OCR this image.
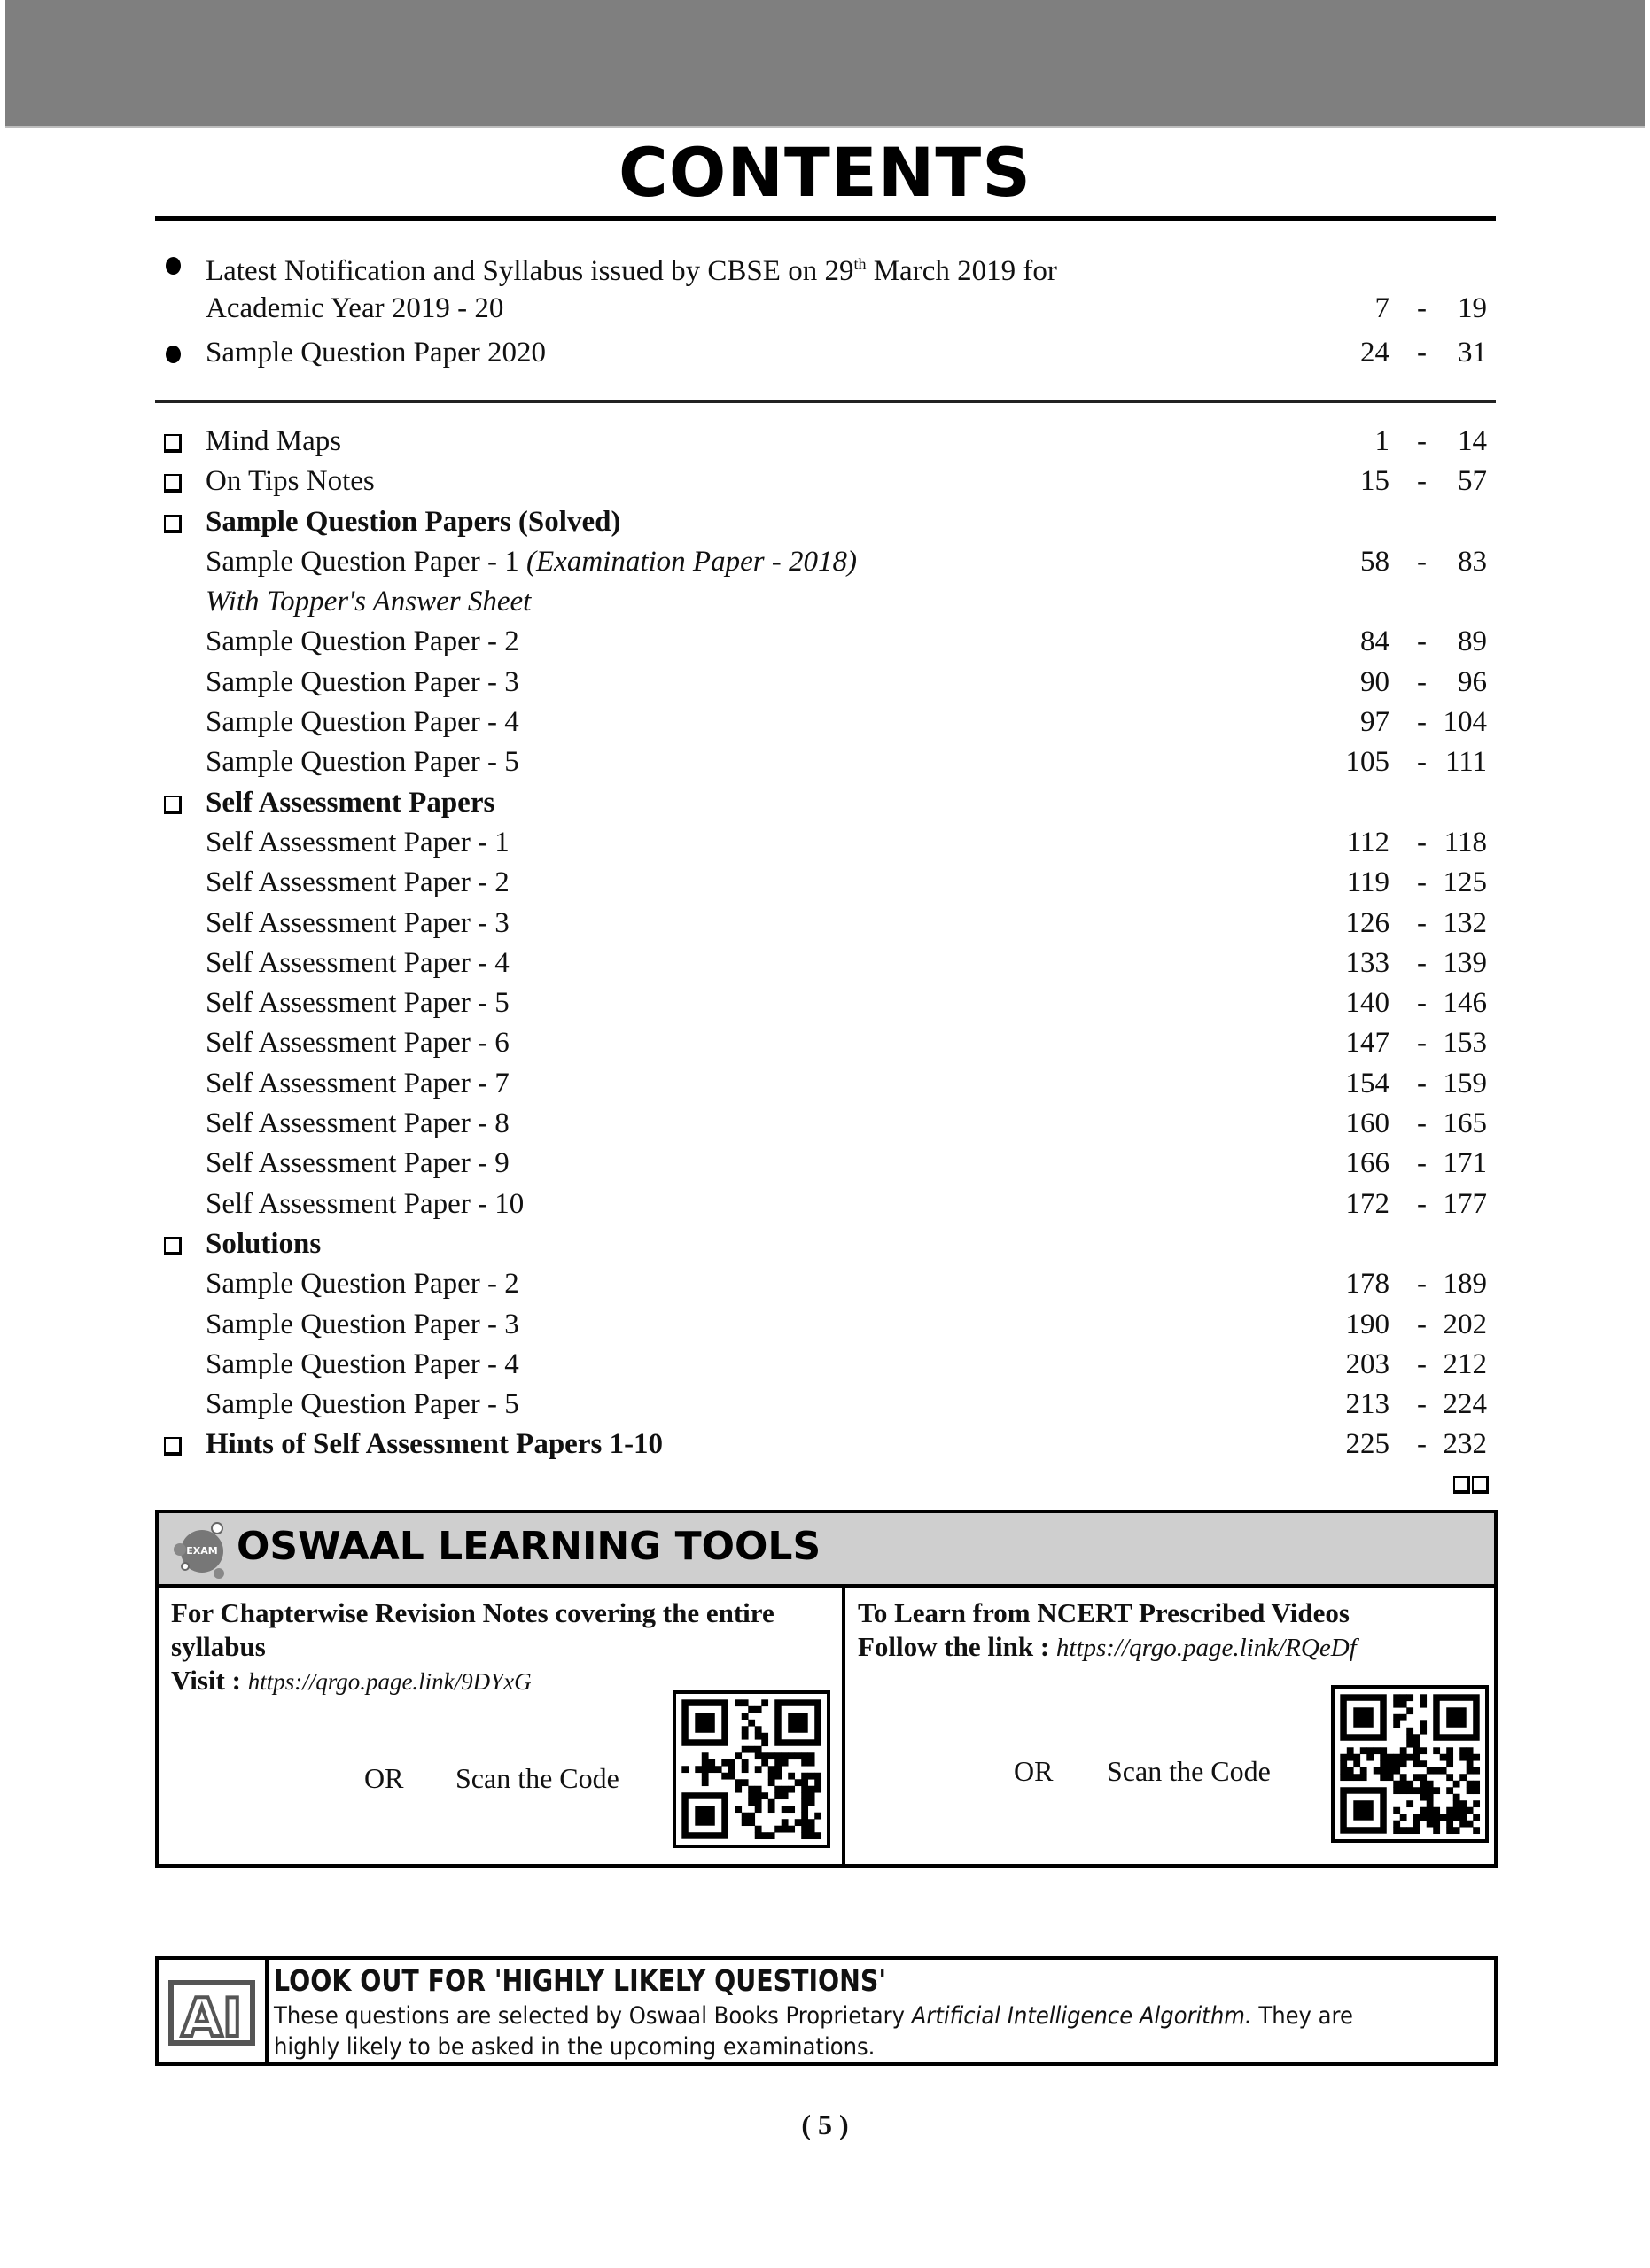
CONTENTS
Latest Notification and Syllabus issued by CBSE on 29th March 2019 for
Academic Year 2019 - 20	7 - 19
Sample Question Paper 2020	24 - 31
Mind Maps	1 - 14
On Tips Notes	15 - 57
Sample Question Papers (Solved)
Sample Question Paper - 1 (Examination Paper - 2018)	58 - 83
With Topper's Answer Sheet
Sample Question Paper - 2	84 - 89
Sample Question Paper - 3	90 - 96
Sample Question Paper - 4	97 - 104
Sample Question Paper - 5	105 - 111
Self Assessment Papers
Self Assessment Paper - 1	112 - 118
Self Assessment Paper - 2	119 - 125
Self Assessment Paper - 3	126 - 132
Self Assessment Paper - 4	133 - 139
Self Assessment Paper - 5	140 - 146
Self Assessment Paper - 6	147 - 153
Self Assessment Paper - 7	154 - 159
Self Assessment Paper - 8	160 - 165
Self Assessment Paper - 9	166 - 171
Self Assessment Paper - 10	172 - 177
Solutions
Sample Question Paper - 2	178 - 189
Sample Question Paper - 3	190 - 202
Sample Question Paper - 4	203 - 212
Sample Question Paper - 5	213 - 224
Hints of Self Assessment Papers 1-10	225 - 232
EXAM OSWAAL LEARNING TOOLS
For Chapterwise Revision Notes covering the entire
syllabus
Visit : https://qrgo.page.link/9DYxG
OR Scan the Code
To Learn from NCERT Prescribed Videos
Follow the link : https://qrgo.page.link/RQeDf
OR Scan the Code
AI
LOOK OUT FOR 'HIGHLY LIKELY QUESTIONS'
These questions are selected by Oswaal Books Proprietary Artificial Intelligence Algorithm. They are highly likely to be asked in the upcoming examinations.
( 5 )
